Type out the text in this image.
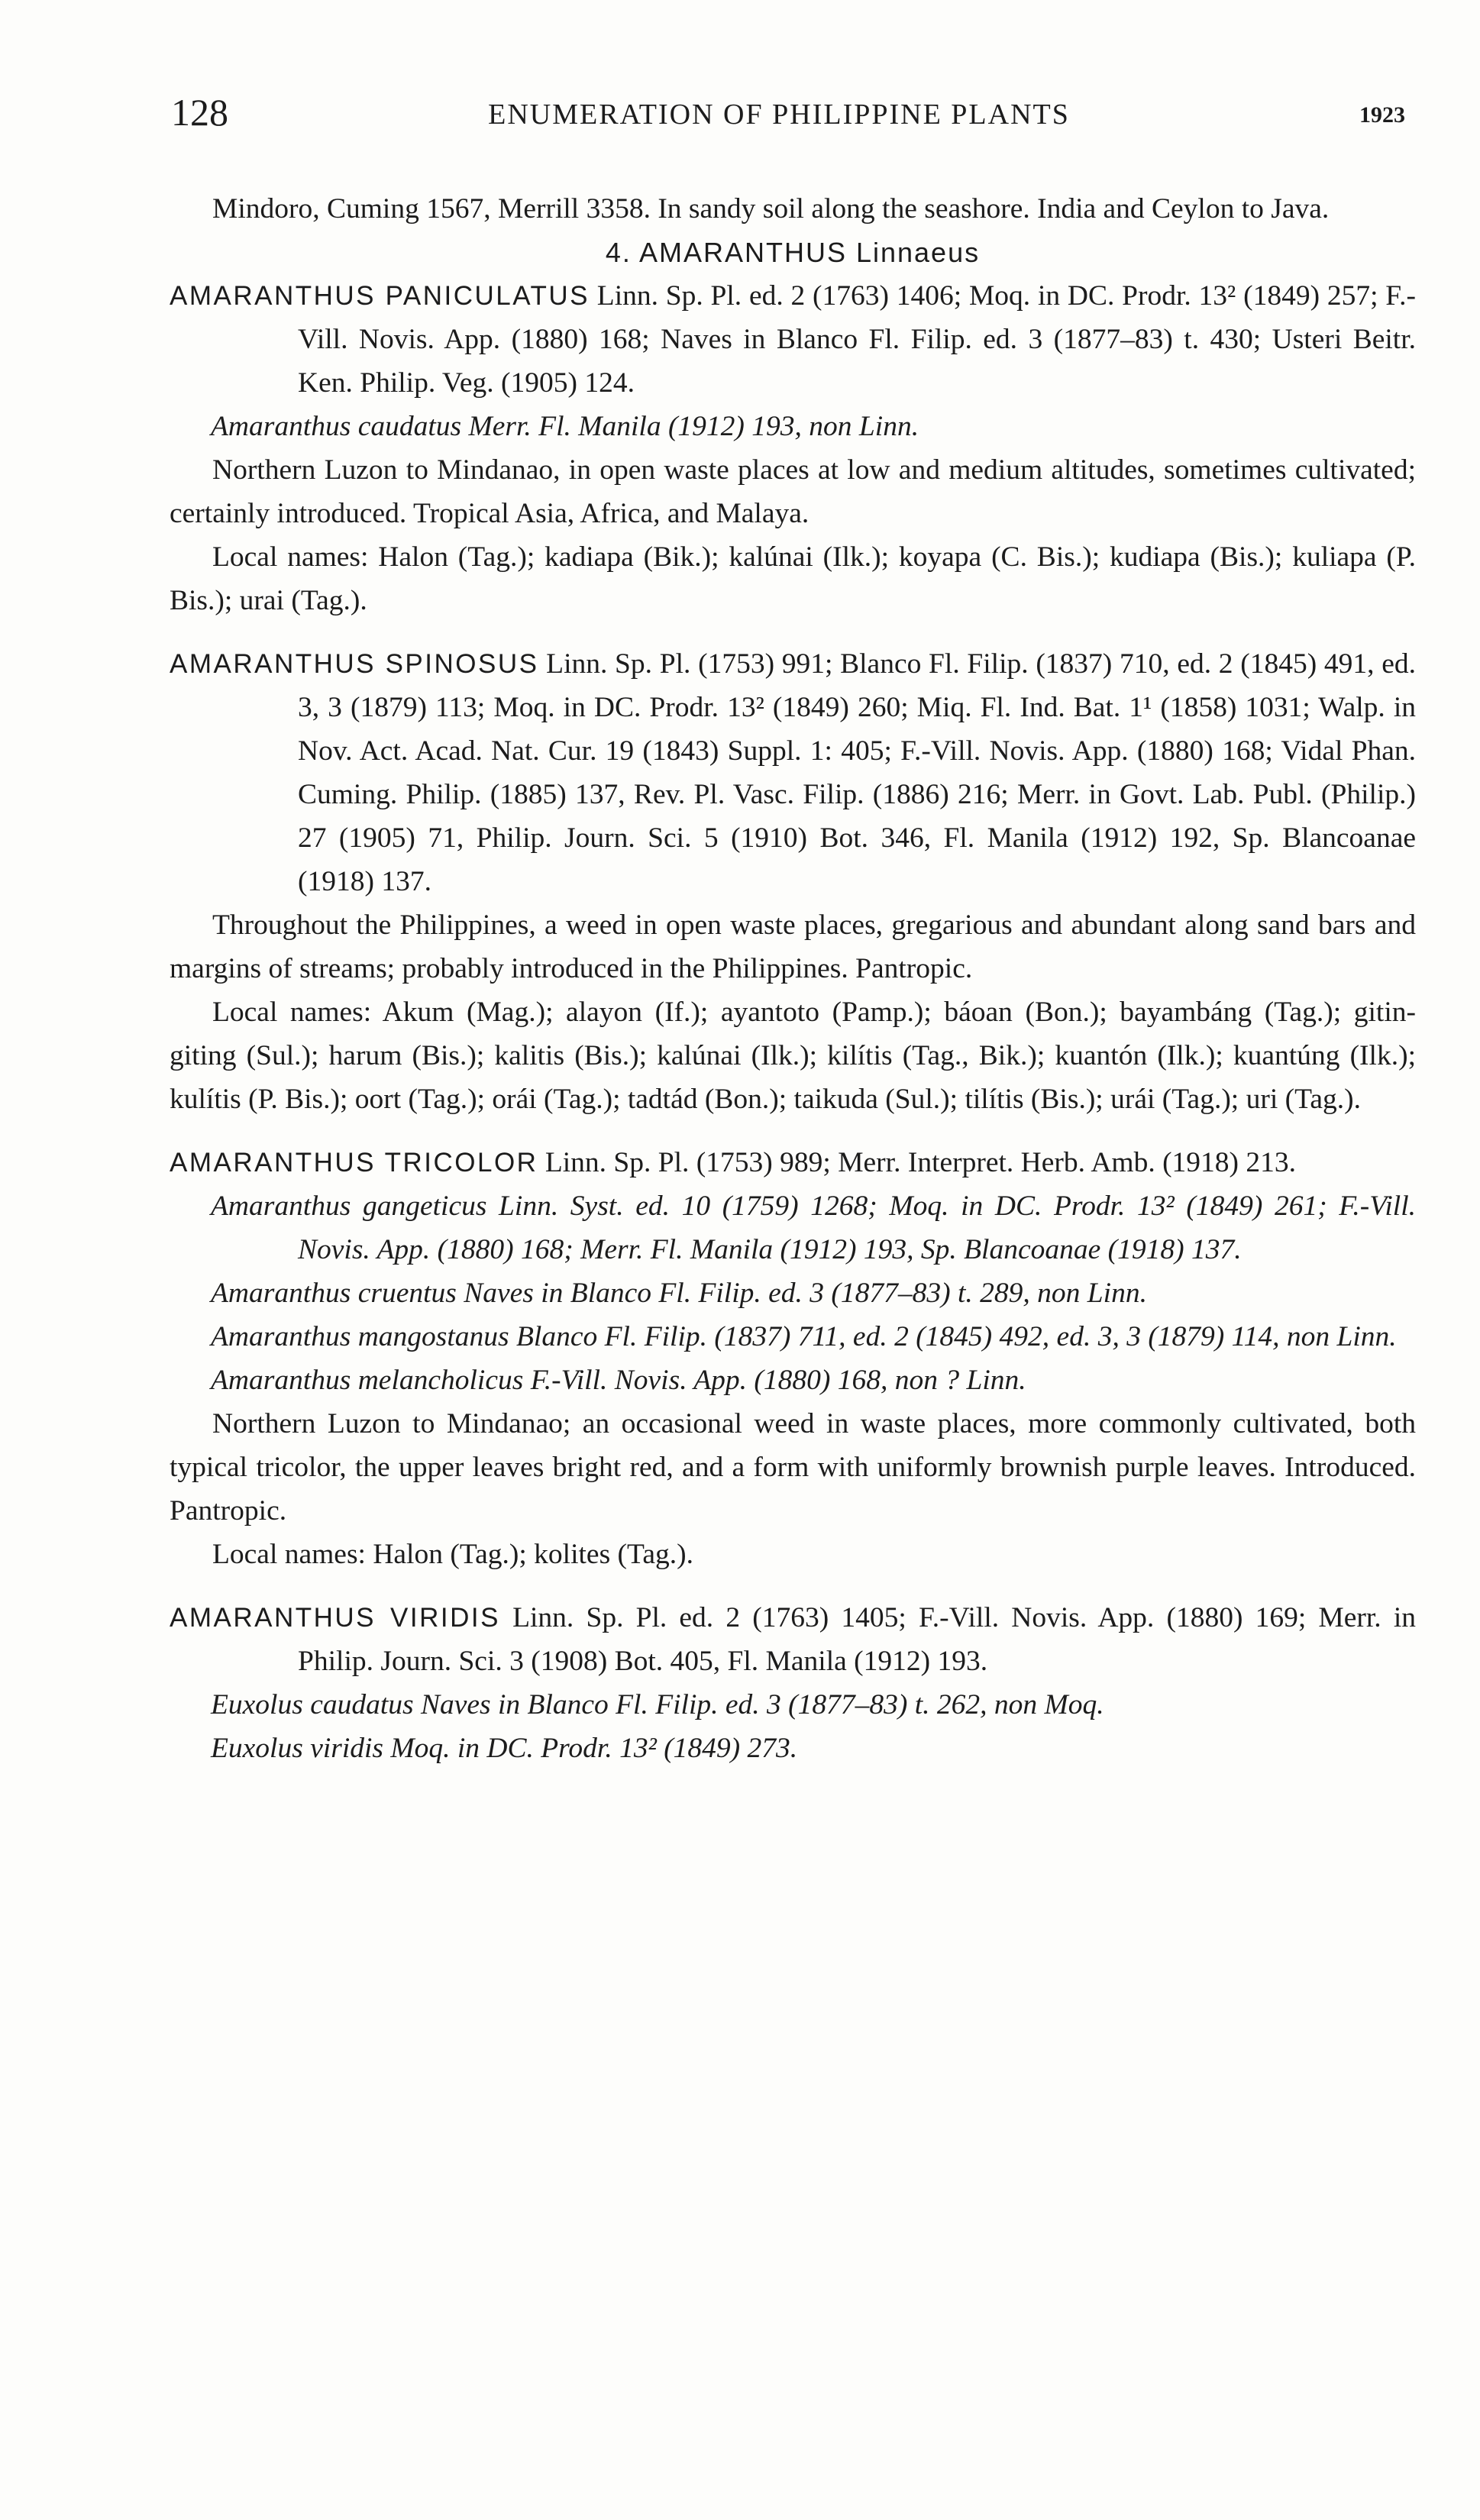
128	ENUMERATION OF PHILIPPINE PLANTS	1923

Mindoro, Cuming 1567, Merrill 3358. In sandy soil along the seashore. India and Ceylon to Java.

4. AMARANTHUS Linnaeus

AMARANTHUS PANICULATUS Linn. Sp. Pl. ed. 2 (1763) 1406; Moq. in DC. Prodr. 13² (1849) 257; F.-Vill. Novis. App. (1880) 168; Naves in Blanco Fl. Filip. ed. 3 (1877–83) t. 430; Usteri Beitr. Ken. Philip. Veg. (1905) 124.

Amaranthus caudatus Merr. Fl. Manila (1912) 193, non Linn.

Northern Luzon to Mindanao, in open waste places at low and medium altitudes, sometimes cultivated; certainly introduced. Tropical Asia, Africa, and Malaya.

Local names: Halon (Tag.); kadiapa (Bik.); kalúnai (Ilk.); koyapa (C. Bis.); kudiapa (Bis.); kuliapa (P. Bis.); urai (Tag.).

AMARANTHUS SPINOSUS Linn. Sp. Pl. (1753) 991; Blanco Fl. Filip. (1837) 710, ed. 2 (1845) 491, ed. 3, 3 (1879) 113; Moq. in DC. Prodr. 13² (1849) 260; Miq. Fl. Ind. Bat. 1¹ (1858) 1031; Walp. in Nov. Act. Acad. Nat. Cur. 19 (1843) Suppl. 1: 405; F.-Vill. Novis. App. (1880) 168; Vidal Phan. Cuming. Philip. (1885) 137, Rev. Pl. Vasc. Filip. (1886) 216; Merr. in Govt. Lab. Publ. (Philip.) 27 (1905) 71, Philip. Journ. Sci. 5 (1910) Bot. 346, Fl. Manila (1912) 192, Sp. Blancoanae (1918) 137.

Throughout the Philippines, a weed in open waste places, gregarious and abundant along sand bars and margins of streams; probably introduced in the Philippines. Pantropic.

Local names: Akum (Mag.); alayon (If.); ayantoto (Pamp.); báoan (Bon.); bayambáng (Tag.); gitin-giting (Sul.); harum (Bis.); kalitis (Bis.); kalúnai (Ilk.); kilítis (Tag., Bik.); kuantón (Ilk.); kuantúng (Ilk.); kulítis (P. Bis.); oort (Tag.); orái (Tag.); tadtád (Bon.); taikuda (Sul.); tilítis (Bis.); urái (Tag.); uri (Tag.).

AMARANTHUS TRICOLOR Linn. Sp. Pl. (1753) 989; Merr. Interpret. Herb. Amb. (1918) 213.

Amaranthus gangeticus Linn. Syst. ed. 10 (1759) 1268; Moq. in DC. Prodr. 13² (1849) 261; F.-Vill. Novis. App. (1880) 168; Merr. Fl. Manila (1912) 193, Sp. Blancoanae (1918) 137.

Amaranthus cruentus Naves in Blanco Fl. Filip. ed. 3 (1877–83) t. 289, non Linn.

Amaranthus mangostanus Blanco Fl. Filip. (1837) 711, ed. 2 (1845) 492, ed. 3, 3 (1879) 114, non Linn.

Amaranthus melancholicus F.-Vill. Novis. App. (1880) 168, non ? Linn.

Northern Luzon to Mindanao; an occasional weed in waste places, more commonly cultivated, both typical tricolor, the upper leaves bright red, and a form with uniformly brownish purple leaves. Introduced. Pantropic.

Local names: Halon (Tag.); kolites (Tag.).

AMARANTHUS VIRIDIS Linn. Sp. Pl. ed. 2 (1763) 1405; F.-Vill. Novis. App. (1880) 169; Merr. in Philip. Journ. Sci. 3 (1908) Bot. 405, Fl. Manila (1912) 193.

Euxolus caudatus Naves in Blanco Fl. Filip. ed. 3 (1877–83) t. 262, non Moq.

Euxolus viridis Moq. in DC. Prodr. 13² (1849) 273.
